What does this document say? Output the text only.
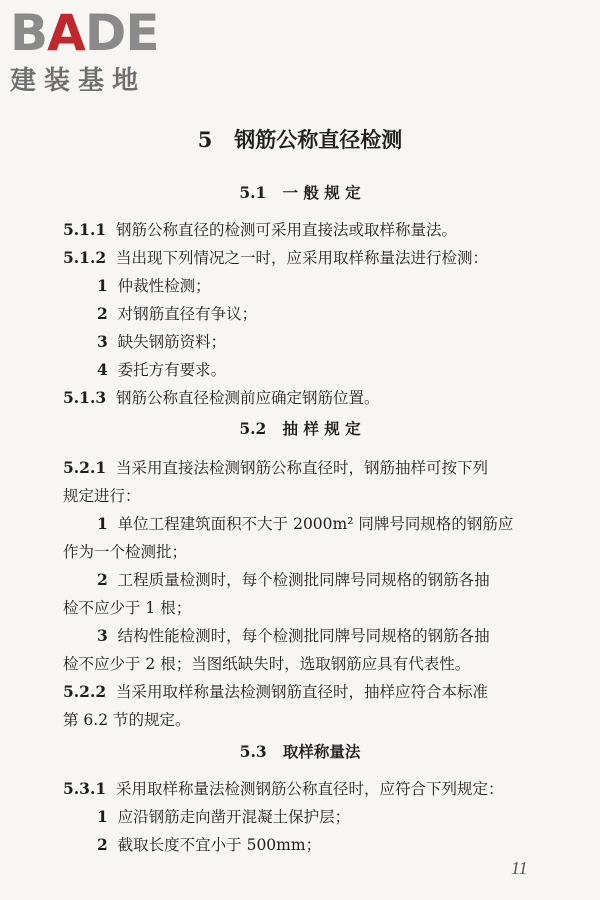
BADE
建装基地
5 钢筋公称直径检测
5.1 一 般 规 定
5.1.1 钢筋公称直径的检测可采用直接法或取样称量法。
5.1.2 当出现下列情况之一时，应采用取样称量法进行检测：
1 仲裁性检测；
2 对钢筋直径有争议；
3 缺失钢筋资料；
4 委托方有要求。
5.1.3 钢筋公称直径检测前应确定钢筋位置。
5.2 抽 样 规 定
5.2.1 当采用直接法检测钢筋公称直径时，钢筋抽样可按下列
规定进行：
1 单位工程建筑面积不大于 2000m² 同牌号同规格的钢筋应
作为一个检测批；
2 工程质量检测时，每个检测批同牌号同规格的钢筋各抽
检不应少于 1 根；
3 结构性能检测时，每个检测批同牌号同规格的钢筋各抽
检不应少于 2 根；当图纸缺失时，选取钢筋应具有代表性。
5.2.2 当采用取样称量法检测钢筋直径时，抽样应符合本标准
第 6.2 节的规定。
5.3 取样称量法
5.3.1 采用取样称量法检测钢筋公称直径时，应符合下列规定：
1 应沿钢筋走向凿开混凝土保护层；
2 截取长度不宜小于 500mm；
11
